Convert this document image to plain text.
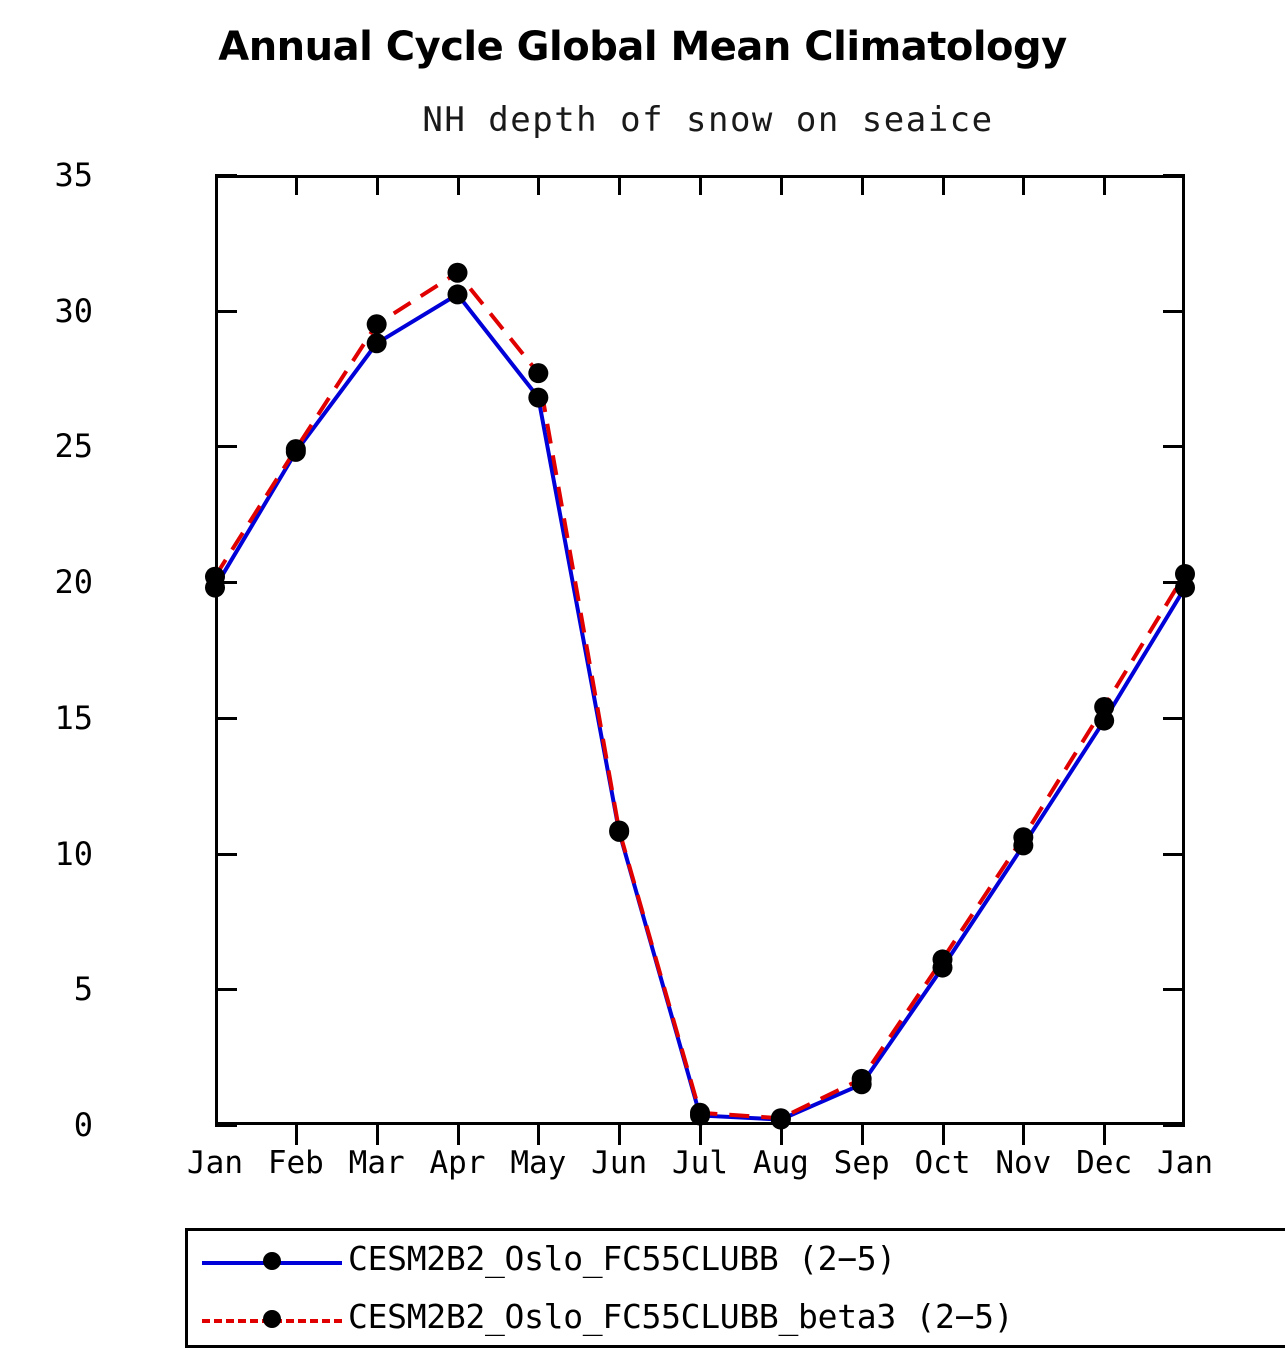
Annual Cycle Global Mean Climatology
NH depth of snow on seaice
0
5
10
15
20
25
30
35
Jan Feb Mar Apr May Jun Jul Aug Sep Oct Nov Dec Jan
CESM2B2_Oslo_FC55CLUBB (2−5)
CESM2B2_Oslo_FC55CLUBB_beta3 (2−5)
